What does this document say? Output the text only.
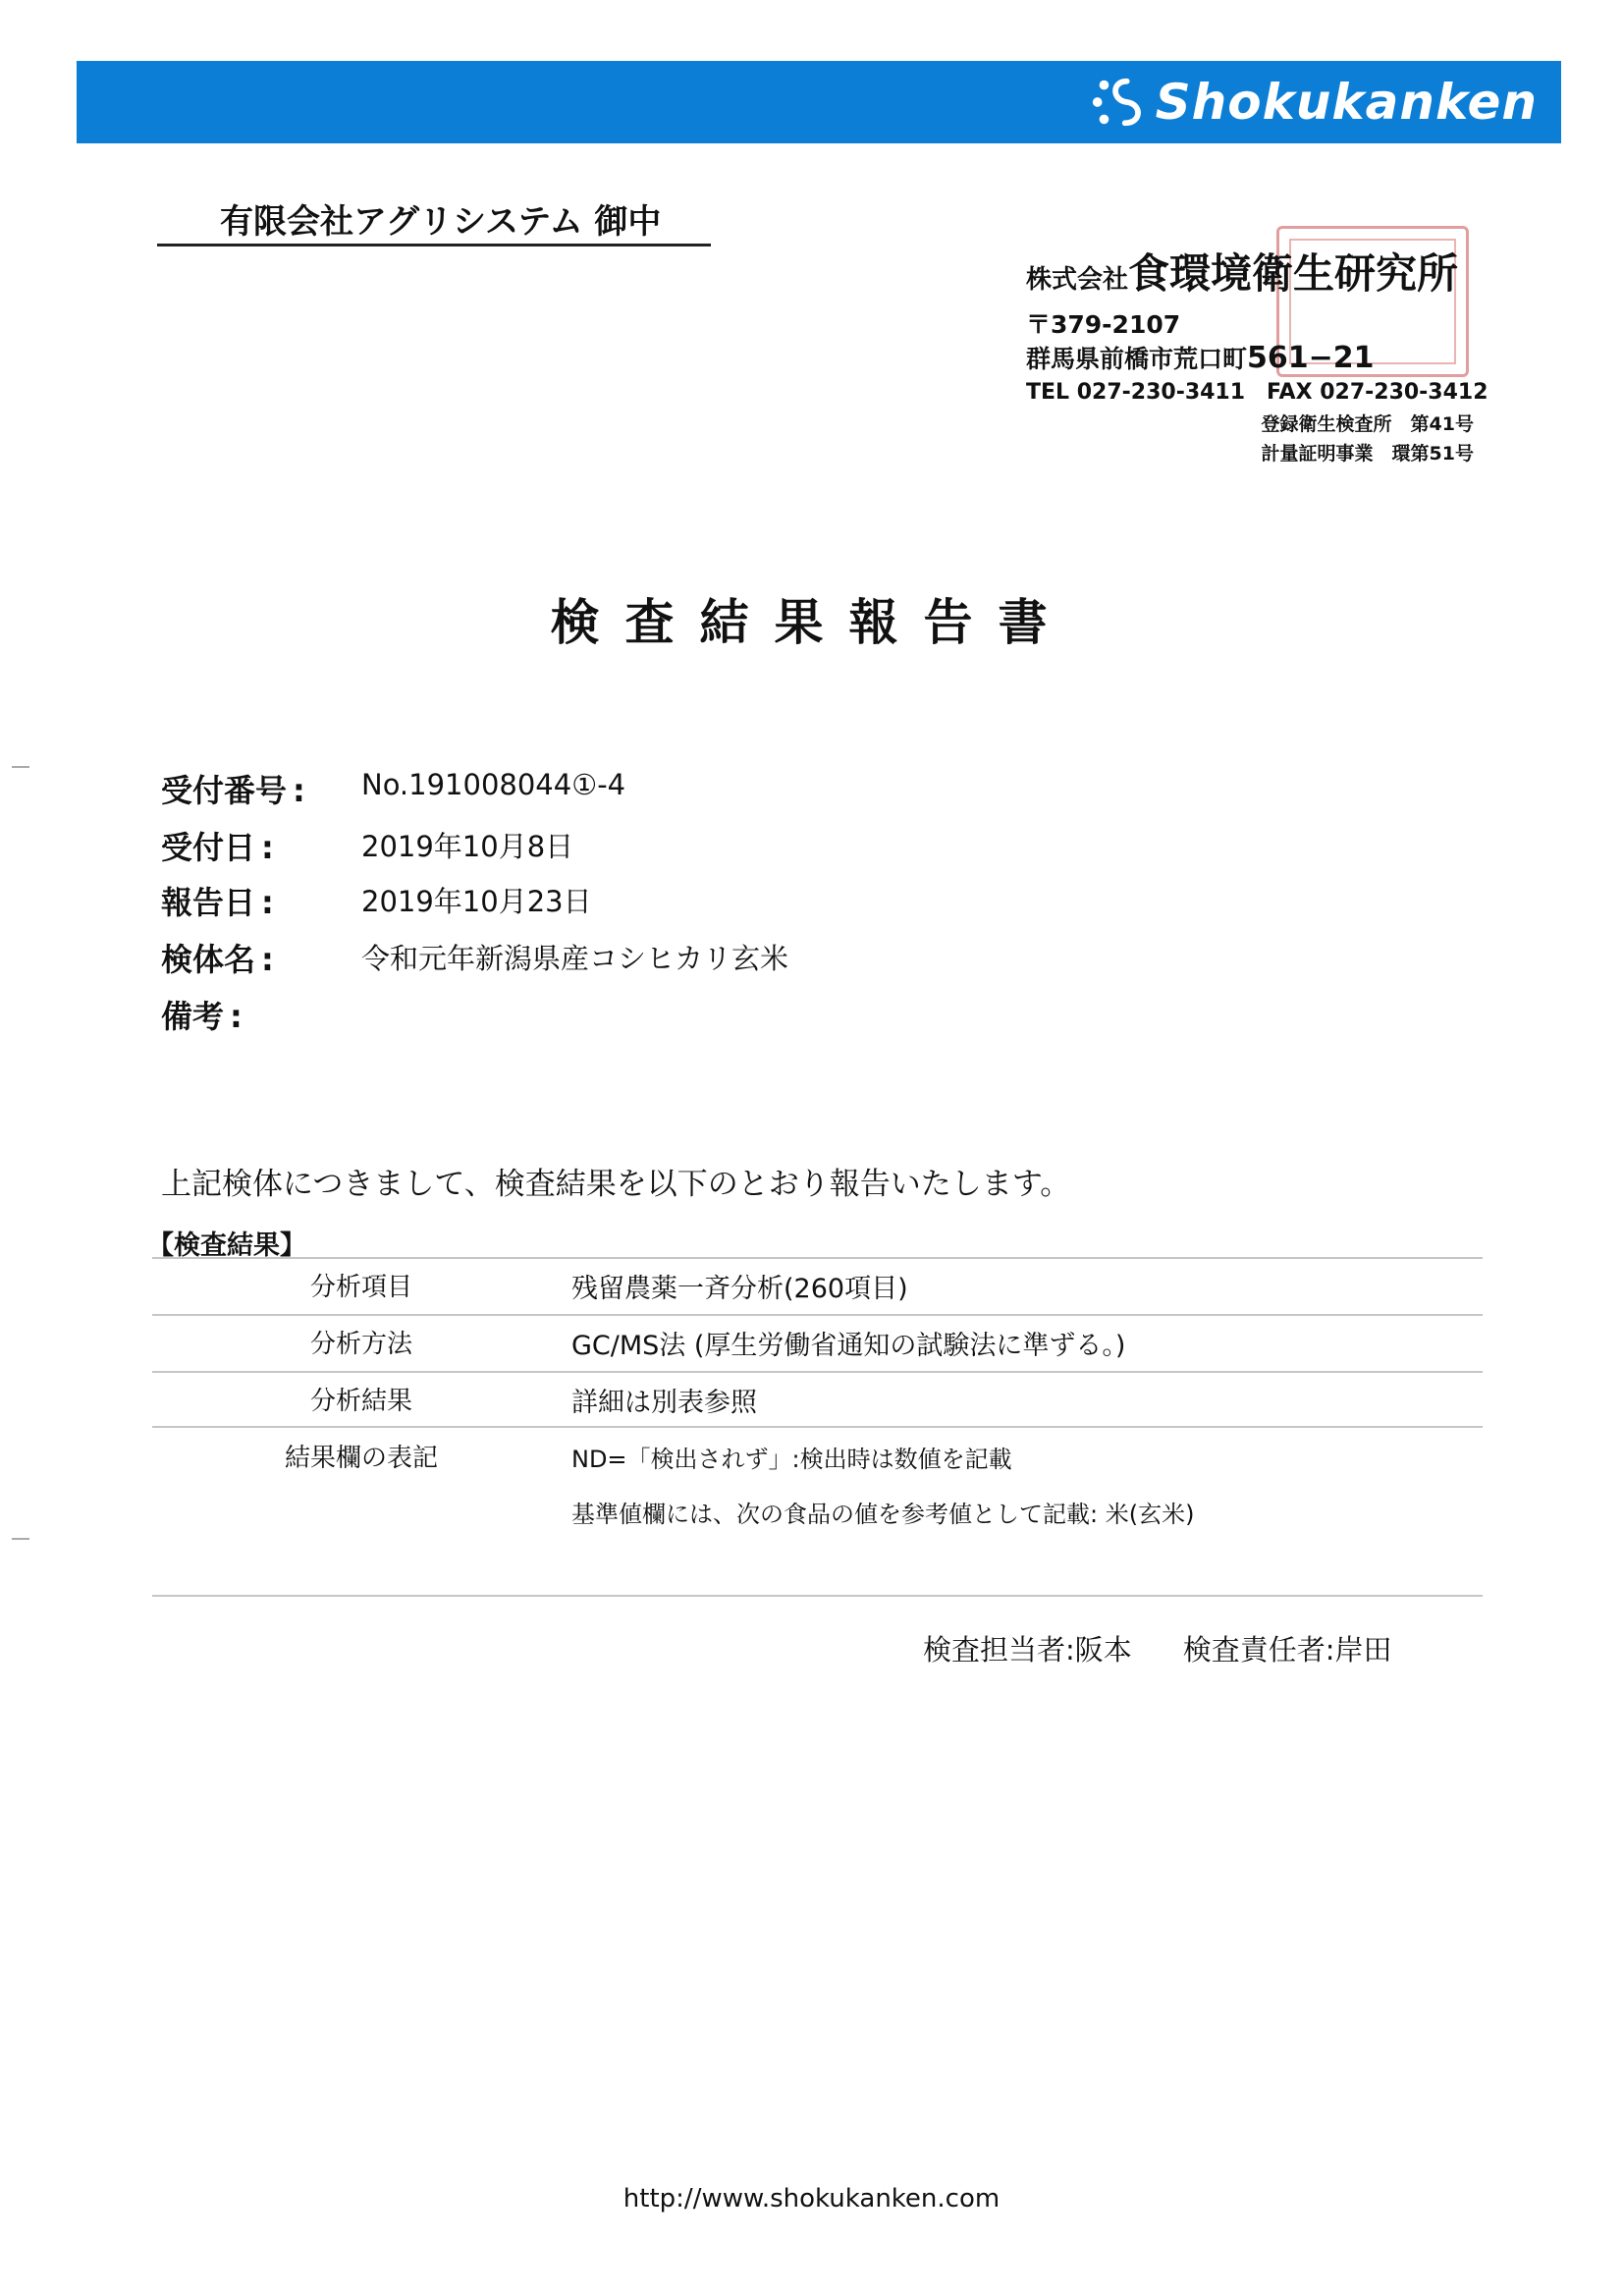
Shokukanken
有限会社アグリシステム 御中
株式会社食環境衛生研究所
〒379-2107
群馬県前橋市荒口町561−21
TEL 027-230-3411　FAX 027-230-3412
登録衛生検査所　第41号
計量証明事業　環第51号
検査結果報告書
受付番号 : No.191008044①-4
受付日 :	2019年10月8日
報告日 :	2019年10月23日
検体名 :	令和元年新潟県産コシヒカリ玄米
備考 :
上記検体につきまして、検査結果を以下のとおり報告いたします。
【検査結果】
分析項目	残留農薬一斉分析(260項目)
分析方法	GC/MS法 (厚生労働省通知の試験法に準ずる。)
分析結果	詳細は別表参照
結果欄の表記	ND=「検出されず」:検出時は数値を記載
基準値欄には、次の食品の値を参考値として記載: 米(玄米)
検査担当者:阪本 検査責任者:岸田
http://www.shokukanken.com
